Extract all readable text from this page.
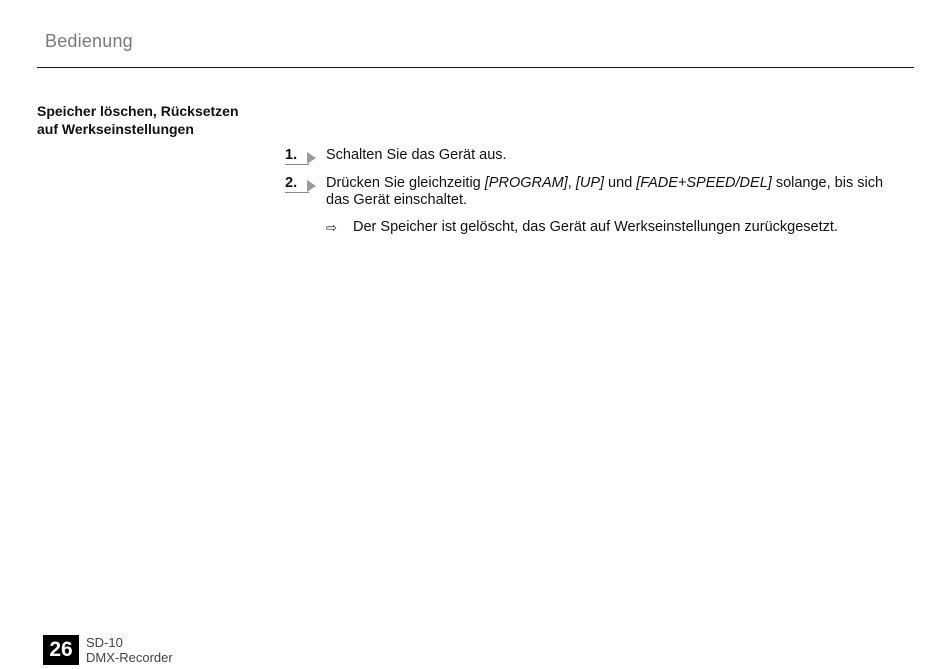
Bedienung
Speicher löschen, Rücksetzen
auf Werkseinstellungen
1. Schalten Sie das Gerät aus.
2. Drücken Sie gleichzeitig [PROGRAM], [UP] und [FADE+SPEED/DEL] solange, bis sich das Gerät einschaltet.
⇨ Der Speicher ist gelöscht, das Gerät auf Werkseinstellungen zurückgesetzt.
26	SD-10
DMX-Recorder
